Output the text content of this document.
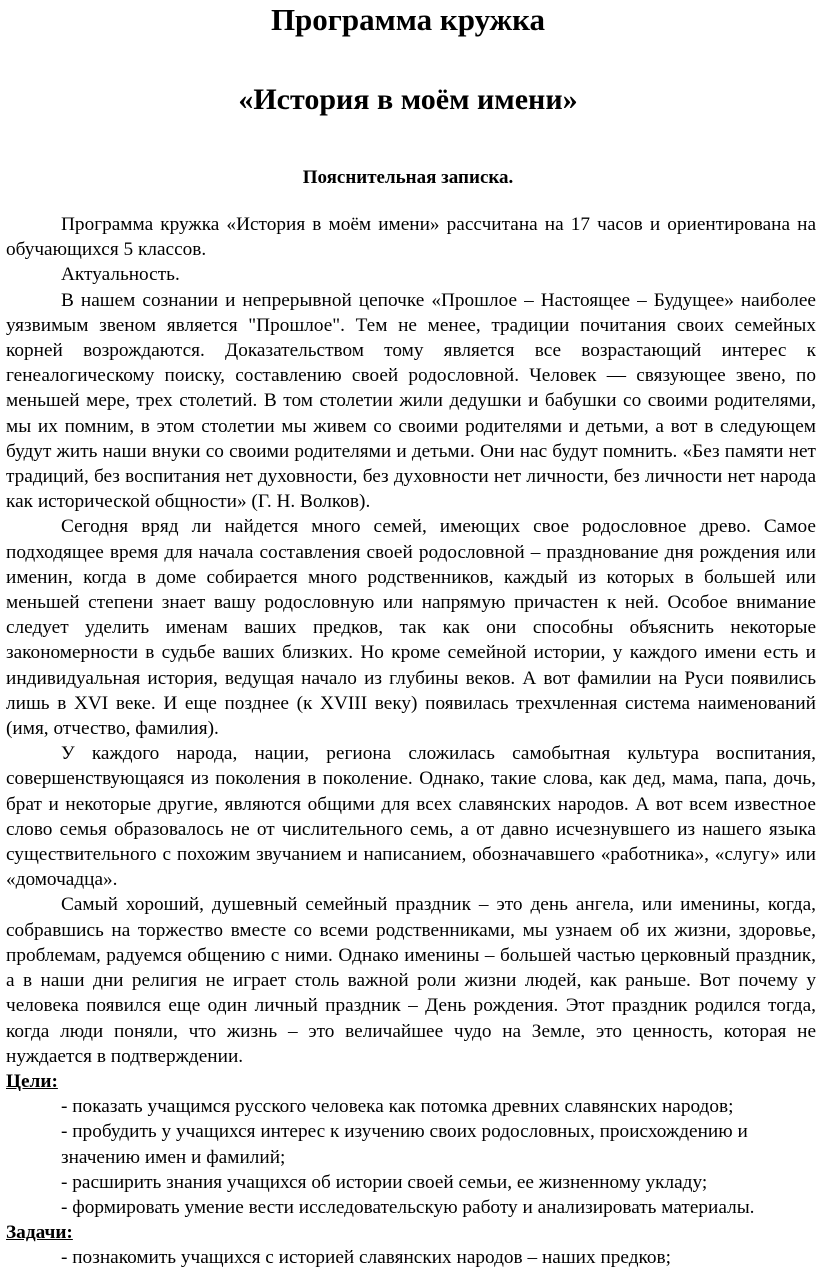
Программа кружка
«История в моём имени»
Пояснительная записка.

Программа кружка «История в моём имени» рассчитана на 17 часов и ориентирована на обучающихся 5 классов.

Актуальность.

В нашем сознании и непрерывной цепочке «Прошлое – Настоящее – Будущее» наиболее уязвимым звеном является "Прошлое". Тем не менее, традиции почитания своих семейных корней возрождаются. Доказательством тому является все возрастающий интерес к генеалогическому поиску, составлению своей родословной. Человек — связующее звено, по меньшей мере, трех столетий. В том столетии жили дедушки и бабушки со своими родителями, мы их помним, в этом столетии мы живем со своими родителями и детьми, а вот в следующем будут жить наши внуки со своими родителями и детьми. Они нас будут помнить. «Без памяти нет традиций, без воспитания нет духовности, без духовности нет личности, без личности нет народа как исторической общности» (Г. Н. Волков).

Сегодня вряд ли найдется много семей, имеющих свое родословное древо. Самое подходящее время для начала составления своей родословной – празднование дня рождения или именин, когда в доме собирается много родственников, каждый из которых в большей или меньшей степени знает вашу родословную или напрямую причастен к ней. Особое внимание следует уделить именам ваших предков, так как они способны объяснить некоторые закономерности в судьбе ваших близких. Но кроме семейной истории, у каждого имени есть и индивидуальная история, ведущая начало из глубины веков. А вот фамилии на Руси появились лишь в XVI веке. И еще позднее (к XVIII веку) появилась трехчленная система наименований (имя, отчество, фамилия).

У каждого народа, нации, региона сложилась самобытная культура воспитания, совершенствующаяся из поколения в поколение. Однако, такие слова, как дед, мама, папа, дочь, брат и некоторые другие, являются общими для всех славянских народов. А вот всем известное слово семья образовалось не от числительного семь, а от давно исчезнувшего из нашего языка существительного с похожим звучанием и написанием, обозначавшего «работника», «слугу» или «домочадца».

Самый хороший, душевный семейный праздник – это день ангела, или именины, когда, собравшись на торжество вместе со всеми родственниками, мы узнаем об их жизни, здоровье, проблемам, радуемся общению с ними. Однако именины – большей частью церковный праздник, а в наши дни религия не играет столь важной роли жизни людей, как раньше. Вот почему у человека появился еще один личный праздник – День рождения. Этот праздник родился тогда, когда люди поняли, что жизнь – это величайшее чудо на Земле, это ценность, которая не нуждается в подтверждении.

Цели:

- показать учащимся русского человека как потомка древних славянских народов;
- пробудить у учащихся интерес к изучению своих родословных, происхождению и значению имен и фамилий;
- расширить знания учащихся об истории своей семьи, ее жизненному укладу;
- формировать умение вести исследовательскую работу и анализировать материалы.

Задачи:

- познакомить учащихся с историей славянских народов – наших предков;
